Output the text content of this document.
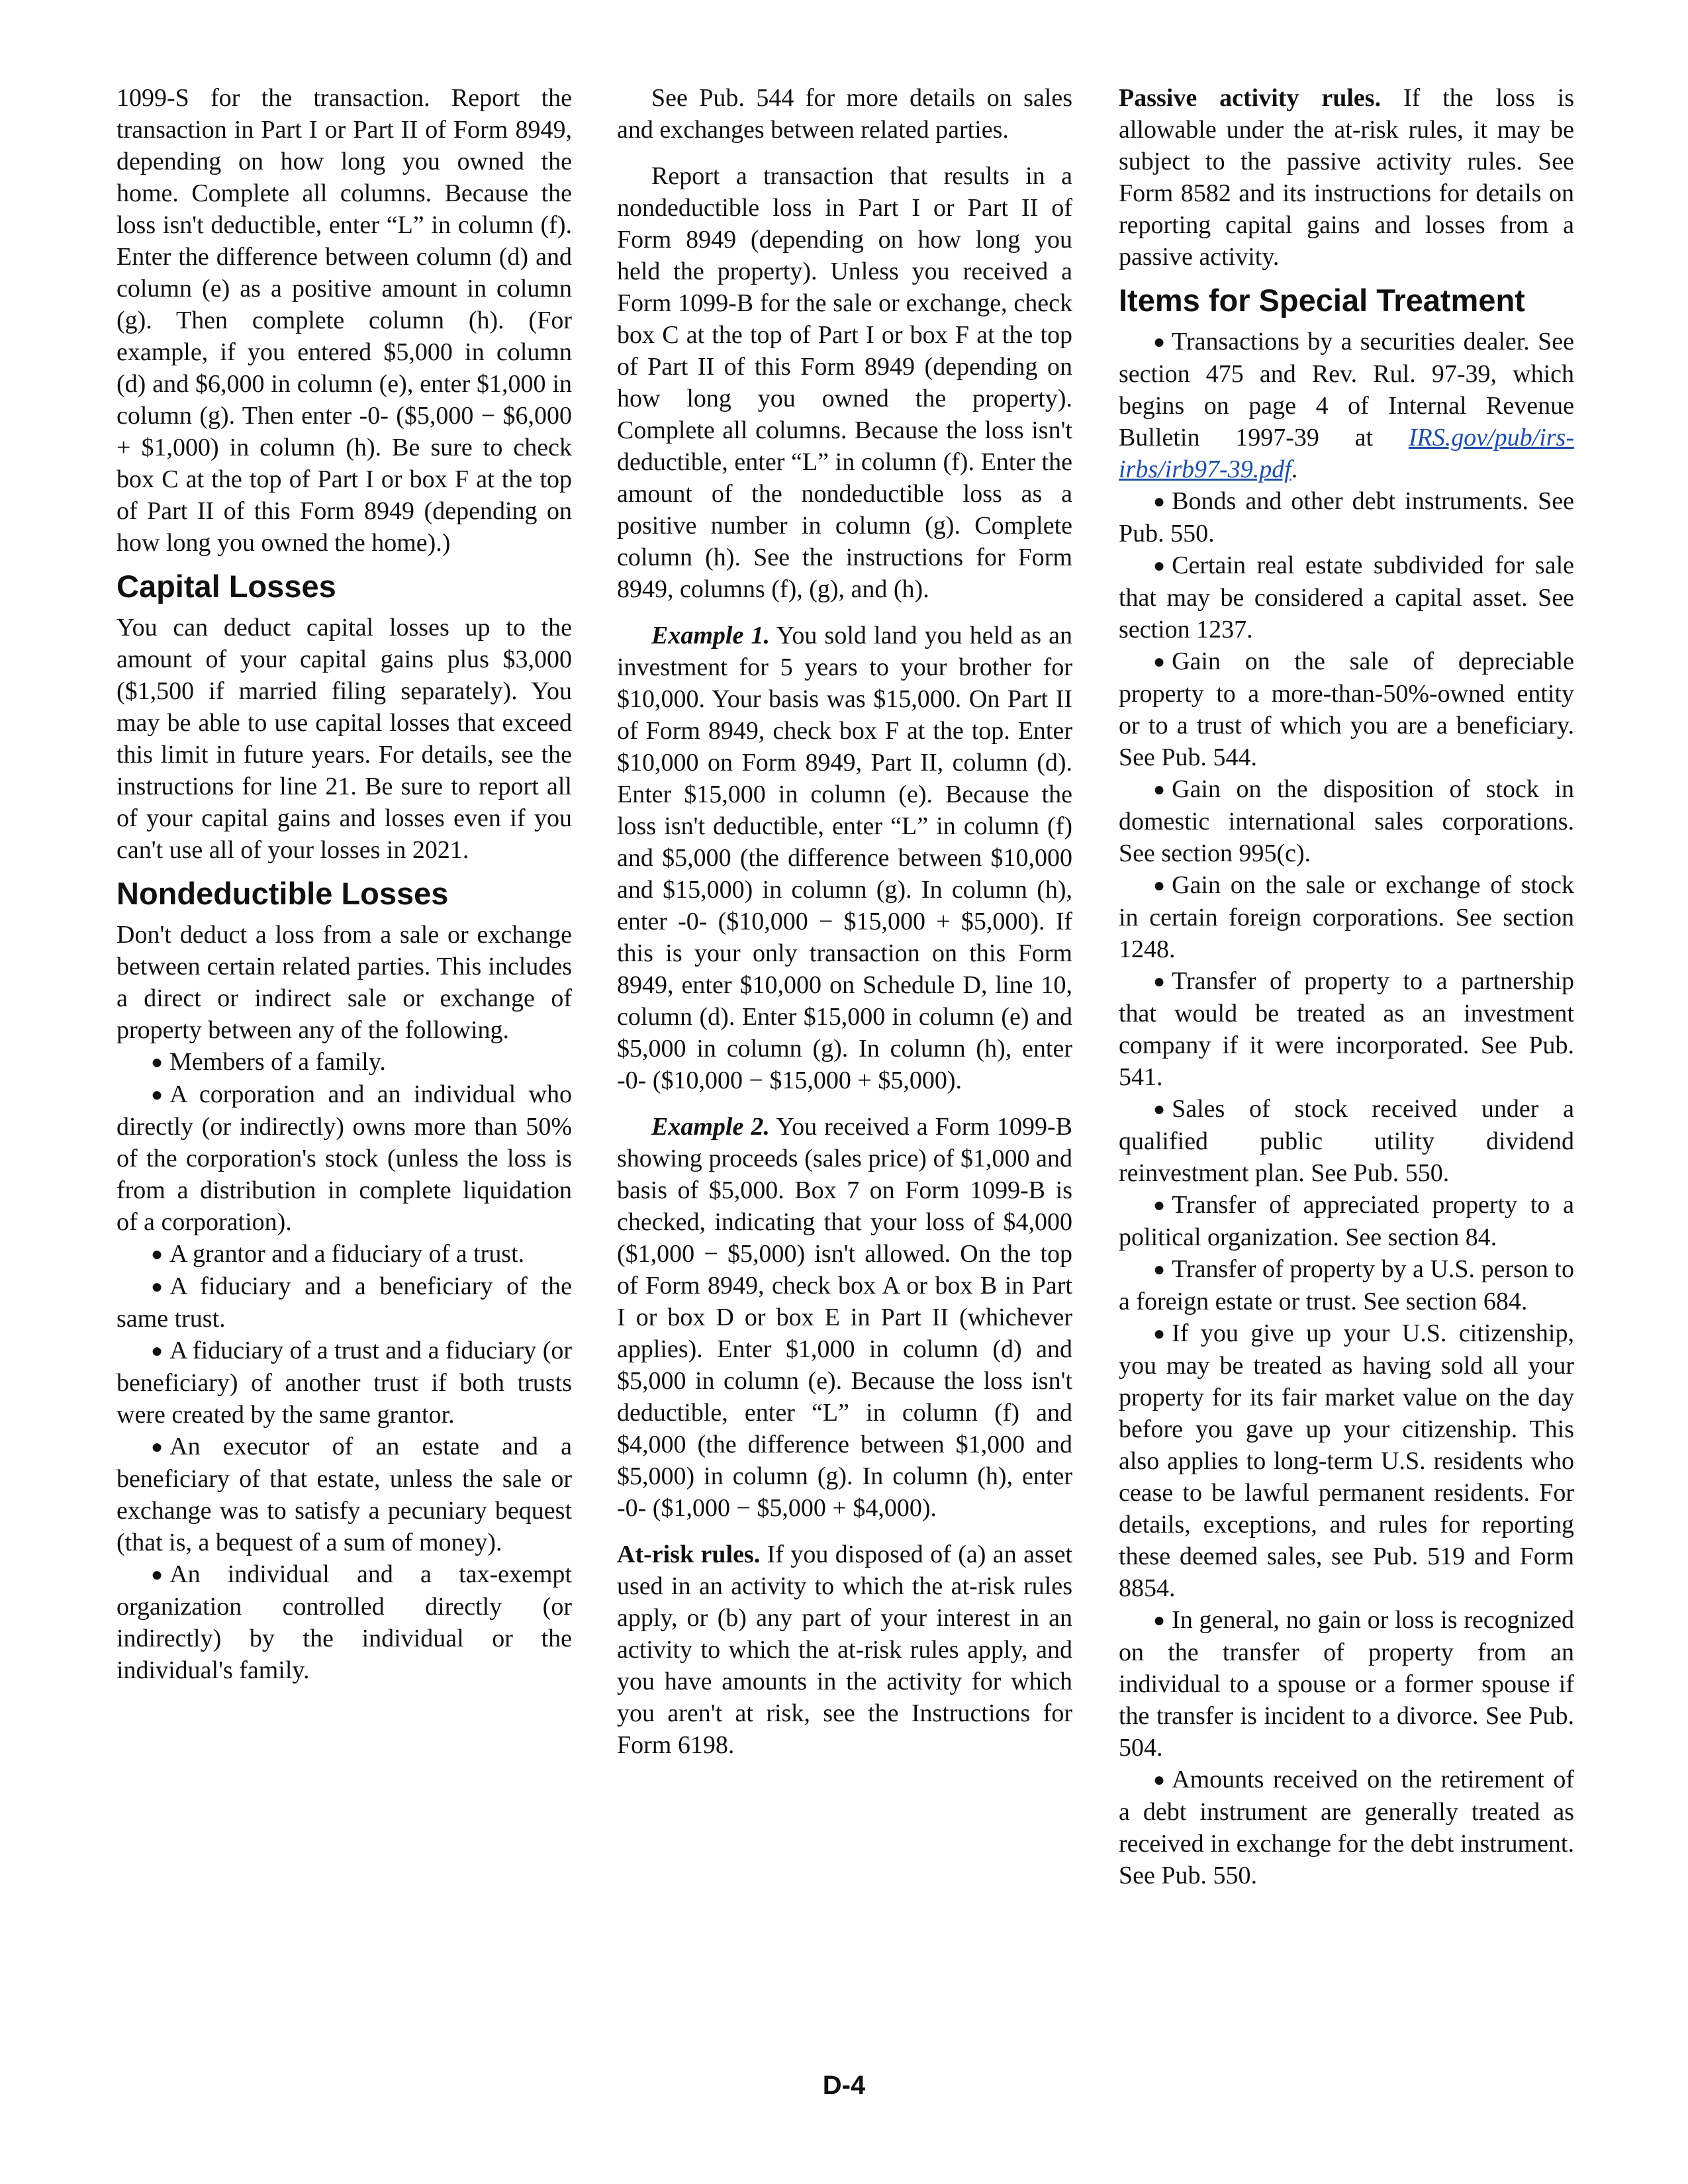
1099-S for the transaction. Report the transaction in Part I or Part II of Form 8949, depending on how long you owned the home. Complete all columns. Because the loss isn't deductible, enter “L” in column (f). Enter the difference between column (d) and column (e) as a positive amount in column (g). Then complete column (h). (For example, if you entered $5,000 in column (d) and $6,000 in column (e), enter $1,000 in column (g). Then enter -0- ($5,000 − $6,000 + $1,000) in column (h). Be sure to check box C at the top of Part I or box F at the top of Part II of this Form 8949 (depending on how long you owned the home).)

Capital Losses

You can deduct capital losses up to the amount of your capital gains plus $3,000 ($1,500 if married filing separately). You may be able to use capital losses that exceed this limit in future years. For details, see the instructions for line 21. Be sure to report all of your capital gains and losses even if you can't use all of your losses in 2021.

Nondeductible Losses

Don't deduct a loss from a sale or exchange between certain related parties. This includes a direct or indirect sale or exchange of property between any of the following.

● Members of a family.

● A corporation and an individual who directly (or indirectly) owns more than 50% of the corporation's stock (unless the loss is from a distribution in complete liquidation of a corporation).

● A grantor and a fiduciary of a trust.

● A fiduciary and a beneficiary of the same trust.

● A fiduciary of a trust and a fiduciary (or beneficiary) of another trust if both trusts were created by the same grantor.

● An executor of an estate and a beneficiary of that estate, unless the sale or exchange was to satisfy a pecuniary bequest (that is, a bequest of a sum of money).

● An individual and a tax-exempt organization controlled directly (or indirectly) by the individual or the individual's family.

See Pub. 544 for more details on sales and exchanges between related parties.

Report a transaction that results in a nondeductible loss in Part I or Part II of Form 8949 (depending on how long you held the property). Unless you received a Form 1099-B for the sale or exchange, check box C at the top of Part I or box F at the top of Part II of this Form 8949 (depending on how long you owned the property). Complete all columns. Because the loss isn't deductible, enter “L” in column (f). Enter the amount of the nondeductible loss as a positive number in column (g). Complete column (h). See the instructions for Form 8949, columns (f), (g), and (h).

Example 1. You sold land you held as an investment for 5 years to your brother for $10,000. Your basis was $15,000. On Part II of Form 8949, check box F at the top. Enter $10,000 on Form 8949, Part II, column (d). Enter $15,000 in column (e). Because the loss isn't deductible, enter “L” in column (f) and $5,000 (the difference between $10,000 and $15,000) in column (g). In column (h), enter -0- ($10,000 − $15,000 + $5,000). If this is your only transaction on this Form 8949, enter $10,000 on Schedule D, line 10, column (d). Enter $15,000 in column (e) and $5,000 in column (g). In column (h), enter -0- ($10,000 − $15,000 + $5,000).

Example 2. You received a Form 1099-B showing proceeds (sales price) of $1,000 and basis of $5,000. Box 7 on Form 1099-B is checked, indicating that your loss of $4,000 ($1,000 − $5,000) isn't allowed. On the top of Form 8949, check box A or box B in Part I or box D or box E in Part II (whichever applies). Enter $1,000 in column (d) and $5,000 in column (e). Because the loss isn't deductible, enter “L” in column (f) and $4,000 (the difference between $1,000 and $5,000) in column (g). In column (h), enter -0- ($1,000 − $5,000 + $4,000).

At-risk rules. If you disposed of (a) an asset used in an activity to which the at-risk rules apply, or (b) any part of your interest in an activity to which the at-risk rules apply, and you have amounts in the activity for which you aren't at risk, see the Instructions for Form 6198.

Passive activity rules. If the loss is allowable under the at-risk rules, it may be subject to the passive activity rules. See Form 8582 and its instructions for details on reporting capital gains and losses from a passive activity.

Items for Special Treatment

● Transactions by a securities dealer. See section 475 and Rev. Rul. 97-39, which begins on page 4 of Internal Revenue Bulletin 1997-39 at IRS.gov/pub/irs-irbs/irb97-39.pdf.

● Bonds and other debt instruments. See Pub. 550.

● Certain real estate subdivided for sale that may be considered a capital asset. See section 1237.

● Gain on the sale of depreciable property to a more-than-50%-owned entity or to a trust of which you are a beneficiary. See Pub. 544.

● Gain on the disposition of stock in domestic international sales corporations. See section 995(c).

● Gain on the sale or exchange of stock in certain foreign corporations. See section 1248.

● Transfer of property to a partnership that would be treated as an investment company if it were incorporated. See Pub. 541.

● Sales of stock received under a qualified public utility dividend reinvestment plan. See Pub. 550.

● Transfer of appreciated property to a political organization. See section 84.

● Transfer of property by a U.S. person to a foreign estate or trust. See section 684.

● If you give up your U.S. citizenship, you may be treated as having sold all your property for its fair market value on the day before you gave up your citizenship. This also applies to long-term U.S. residents who cease to be lawful permanent residents. For details, exceptions, and rules for reporting these deemed sales, see Pub. 519 and Form 8854.

● In general, no gain or loss is recognized on the transfer of property from an individual to a spouse or a former spouse if the transfer is incident to a divorce. See Pub. 504.

● Amounts received on the retirement of a debt instrument are generally treated as received in exchange for the debt instrument. See Pub. 550.

D-4
